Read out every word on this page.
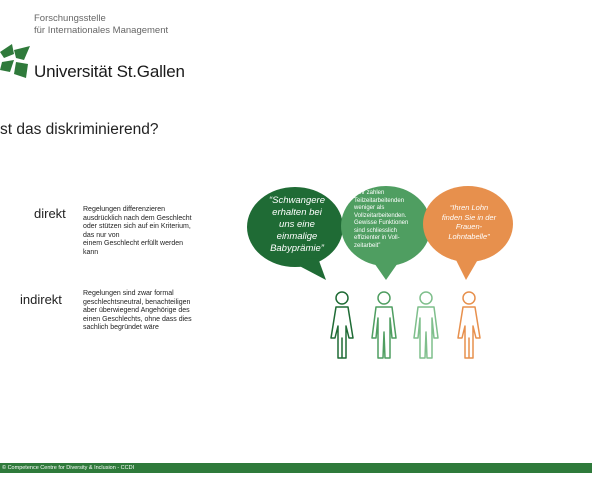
Forschungsstelle
für Internationales Management
Universität St.Gallen
st das diskriminierend?
direkt Regelungen differenzieren
ausdrücklich nach dem Geschlecht
oder stützen sich auf ein Kriterium,
das nur von
einem Geschlecht erfüllt werden
kann
indirekt	Regelungen sind zwar formal
geschlechtsneutral, benachteiligen
aber überwiegend Angehörige des
einen Geschlechts, ohne dass dies
sachlich begründet wäre
“Schwangere
erhalten bei
uns eine
einmalige
Babyprämie”
“Wir zahlen
Teilzeitarbeitenden
weniger als
Vollzeitarbeitenden.
Gewisse Funktionen
sind schliesslich
effizienter in Voll-
zeitarbeit”
“Ihren Lohn
finden Sie in der
Frauen-
Lohntabelle”
© Competence Centre for Diversity & Inclusion - CCDI
